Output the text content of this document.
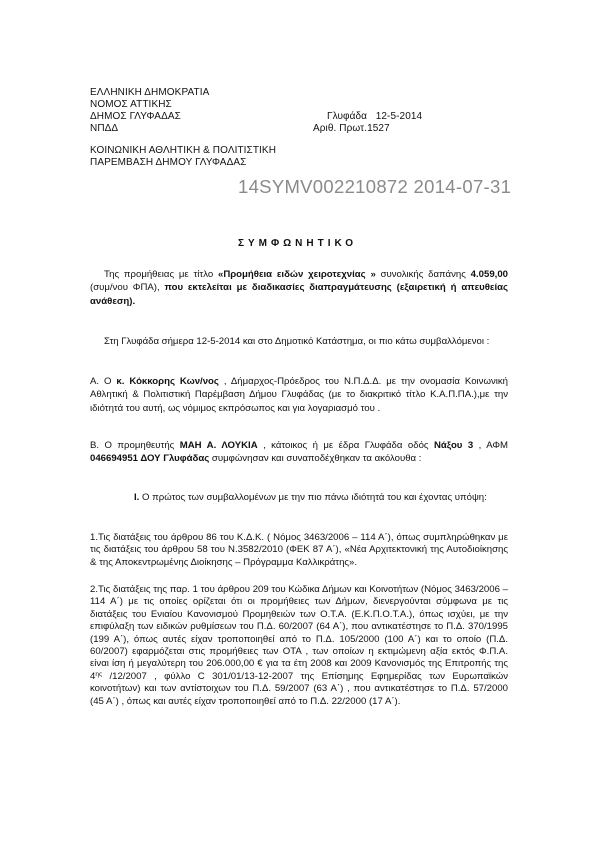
ΕΛΛΗΝΙΚΗ ΔΗΜΟΚΡΑΤΙΑ
ΝΟΜΟΣ ΑΤΤΙΚΗΣ
ΔΗΜΟΣ ΓΛΥΦΑΔΑΣ
ΝΠΔΔ
Γλυφάδα 12-5-2014
Αριθ. Πρωτ.1527
ΚΟΙΝΩΝΙΚΗ ΑΘΛΗΤΙΚΗ & ΠΟΛΙΤΙΣΤΙΚΗ
ΠΑΡΕΜΒΑΣΗ ΔΗΜΟΥ ΓΛΥΦΑΔΑΣ
14SYMV002210872 2014-07-31
ΣΥΜΦΩΝΗΤΙΚΟ
Της προμήθειας με τίτλο «Προμήθεια ειδών χειροτεχνίας » συνολικής δαπάνης 4.059,00 (συμ/νου ΦΠΑ), που εκτελείται με διαδικασίες διαπραγμάτευσης (εξαιρετική ή απευθείας ανάθεση).
Στη Γλυφάδα σήμερα 12-5-2014 και στο Δημοτικό Κατάστημα, οι πιο κάτω συμβαλλόμενοι :
Α. Ο κ. Κόκκορης Κων/νος , Δήμαρχος-Πρόεδρος του Ν.Π.Δ.Δ. με την ονομασία Κοινωνική Αθλητική & Πολιτιστική Παρέμβαση Δήμου Γλυφάδας (με το διακριτικό τίτλο Κ.Α.Π.ΠΑ.),με την ιδιότητά του αυτή, ως νόμιμος εκπρόσωπος και για λογαριασμό του .
Β. Ο προμηθευτής ΜΑΗ Α. ΛΟΥΚΙΑ , κάτοικος ή με έδρα Γλυφάδα οδός Νάξου 3 , ΑΦΜ 046694951 ΔΟΥ Γλυφάδας συμφώνησαν και συναποδέχθηκαν τα ακόλουθα :
Ι. Ο πρώτος των συμβαλλομένων με την πιο πάνω ιδιότητά του και έχοντας υπόψη:
1.Τις διατάξεις του άρθρου 86 του Κ.Δ.Κ. ( Νόμος 3463/2006 – 114 Α΄), όπως συμπληρώθηκαν με τις διατάξεις του άρθρου 58 του Ν.3582/2010 (ΦΕΚ 87 Α΄), «Νέα Αρχιτεκτονική της Αυτοδιοίκησης & της Αποκεντρωμένης Διοίκησης – Πρόγραμμα Καλλικράτης».
2.Τις διατάξεις της παρ. 1 του άρθρου 209 του Κώδικα Δήμων και Κοινοτήτων (Νόμος 3463/2006 – 114 Α΄) με τις οποίες ορίζεται ότι οι προμήθειες των Δήμων, διενεργούνται σύμφωνα με τις διατάξεις του Ενιαίου Κανονισμού Προμηθειών των Ο.Τ.Α. (Ε.Κ.Π.Ο.Τ.Α.), όπως ισχύει, με την επιφύλαξη των ειδικών ρυθμίσεων του Π.Δ. 60/2007 (64 Α΄), που αντικατέστησε το Π.Δ. 370/1995 (199 Α΄), όπως αυτές είχαν τροποποιηθεί από το Π.Δ. 105/2000 (100 Α΄) και το οποίο (Π.Δ. 60/2007) εφαρμόζεται στις προμήθειες των ΟΤΑ , των οποίων η εκτιμώμενη αξία εκτός Φ.Π.Α. είναι ίση ή μεγαλύτερη του 206.000,00 € για τα έτη 2008 και 2009 Κανονισμός της Επιτροπής της $4^{\eta\varsigma}$ /12/2007 , φύλλο C 301/01/13-12-2007 της Επίσημης Εφημερίδας των Ευρωπαϊκών κοινοτήτων) και των αντίστοιχων του Π.Δ. 59/2007 (63 Α΄) , που αντικατέστησε το Π.Δ. 57/2000 (45 Α΄) , όπως και αυτές είχαν τροποποιηθεί από το Π.Δ. 22/2000 (17 Α΄).
